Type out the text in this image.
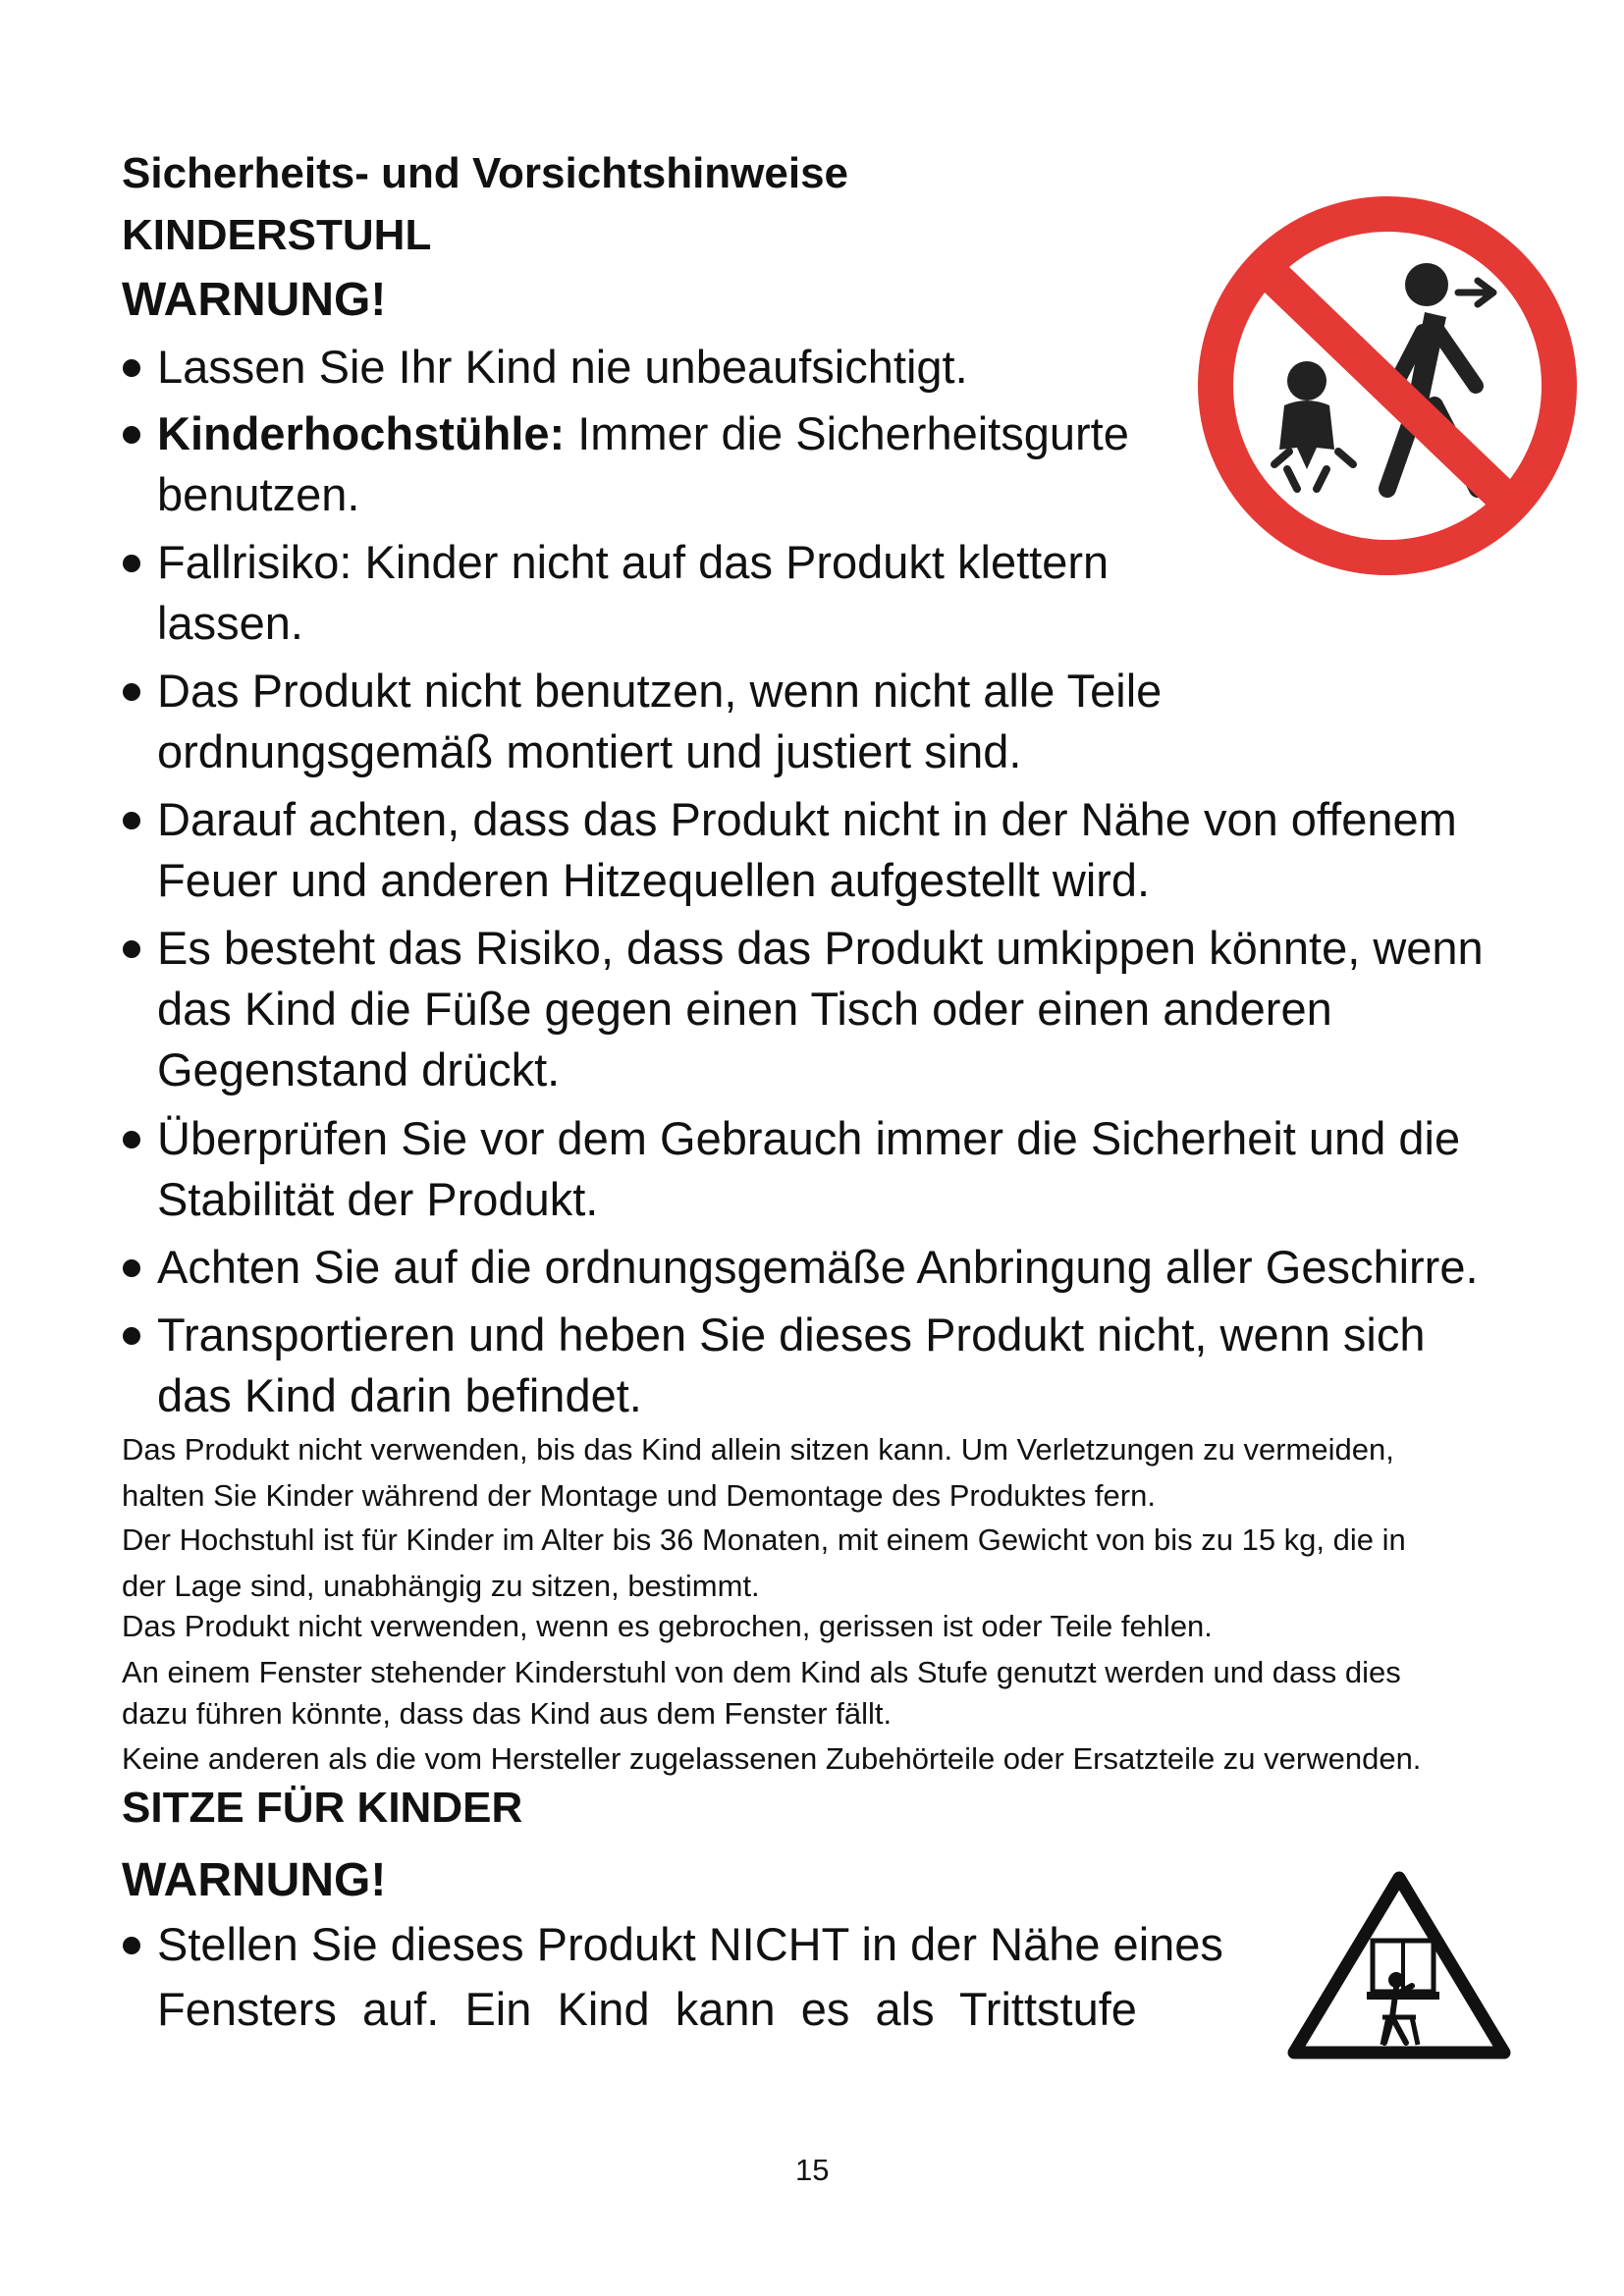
Sicherheits- und Vorsichtshinweise
KINDERSTUHL
WARNUNG!
Lassen Sie Ihr Kind nie unbeaufsichtigt.
Kinderhochstühle: Immer die Sicherheitsgurte
benutzen.
Fallrisiko: Kinder nicht auf das Produkt klettern
lassen.
Das Produkt nicht benutzen, wenn nicht alle Teile
ordnungsgemäß montiert und justiert sind.
Darauf achten, dass das Produkt nicht in der Nähe von offenem
Feuer und anderen Hitzequellen aufgestellt wird.
Es besteht das Risiko, dass das Produkt umkippen könnte, wenn
das Kind die Füße gegen einen Tisch oder einen anderen
Gegenstand drückt.
Überprüfen Sie vor dem Gebrauch immer die Sicherheit und die
Stabilität der Produkt.
Achten Sie auf die ordnungsgemäße Anbringung aller Geschirre.
Transportieren und heben Sie dieses Produkt nicht, wenn sich
das Kind darin befindet.
Das Produkt nicht verwenden, bis das Kind allein sitzen kann. Um Verletzungen zu vermeiden,
halten Sie Kinder während der Montage und Demontage des Produktes fern.
Der Hochstuhl ist für Kinder im Alter bis 36 Monaten, mit einem Gewicht von bis zu 15 kg, die in
der Lage sind, unabhängig zu sitzen, bestimmt.
Das Produkt nicht verwenden, wenn es gebrochen, gerissen ist oder Teile fehlen.
An einem Fenster stehender Kinderstuhl von dem Kind als Stufe genutzt werden und dass dies
dazu führen könnte, dass das Kind aus dem Fenster fällt.
Keine anderen als die vom Hersteller zugelassenen Zubehörteile oder Ersatzteile zu verwenden.
SITZE FÜR KINDER
WARNUNG!
Stellen Sie dieses Produkt NICHT in der Nähe eines
Fensters  auf.  Ein  Kind  kann  es  als  Trittstufe
15
